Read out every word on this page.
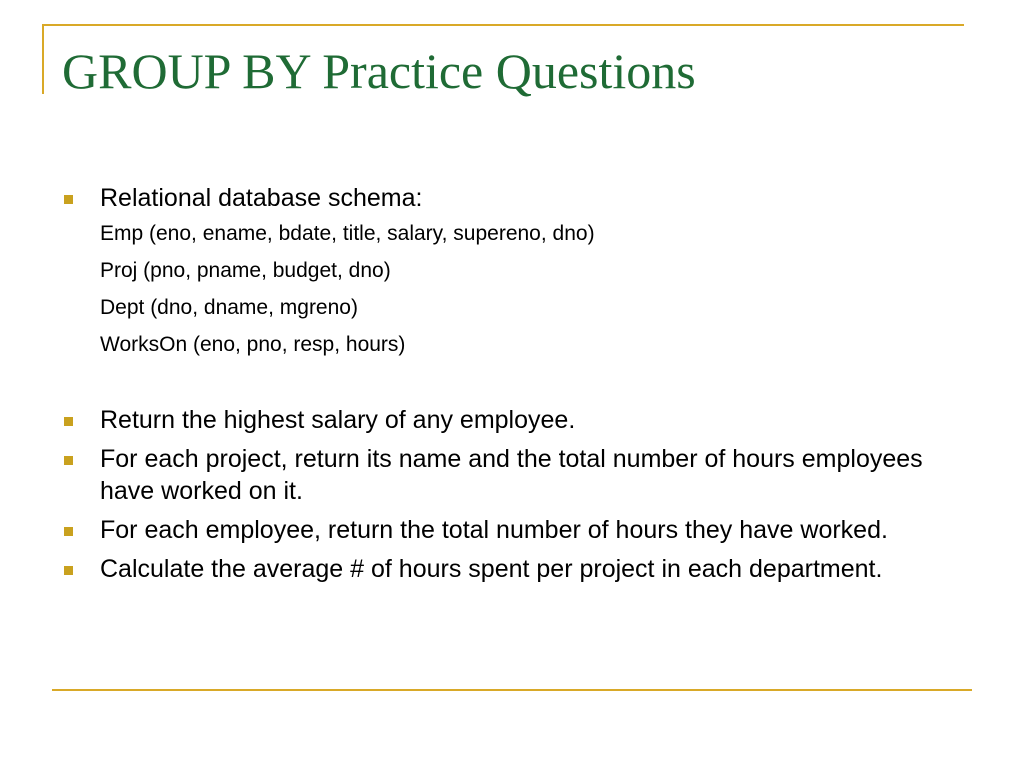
GROUP BY Practice Questions
Relational database schema:
Emp (eno, ename, bdate, title, salary, supereno, dno)
Proj (pno, pname, budget, dno)
Dept (dno, dname, mgreno)
WorksOn (eno, pno, resp, hours)
Return the highest salary of any employee.
For each project, return its name and the total number of hours employees have worked on it.
For each employee, return the total number of hours they have worked.
Calculate the average # of hours spent per project in each department.
